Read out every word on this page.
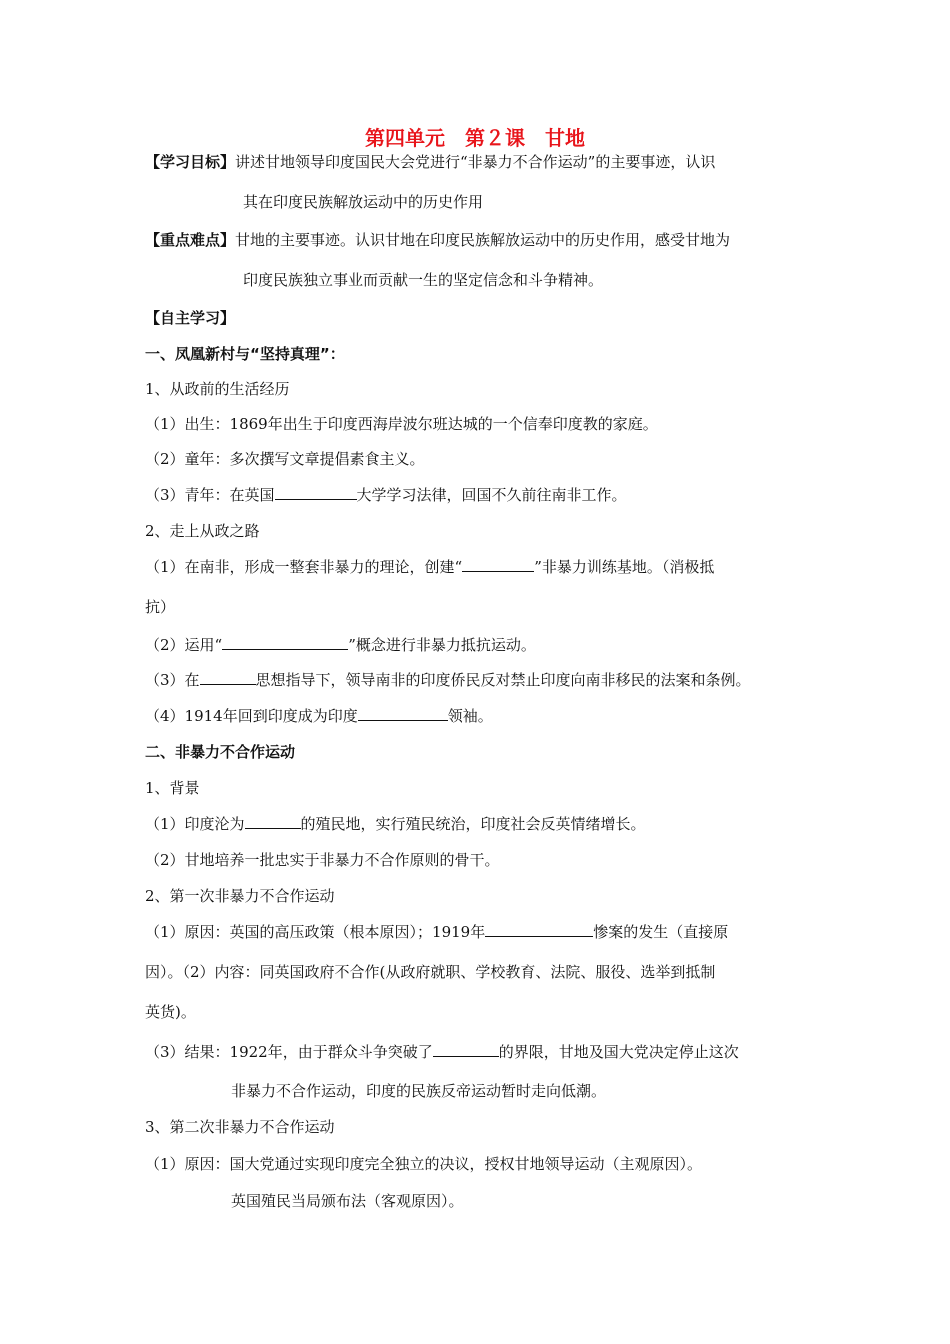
第四单元　第２课　甘地
【学习目标】讲述甘地领导印度国民大会党进行“非暴力不合作运动”的主要事迹，认识
其在印度民族解放运动中的历史作用
【重点难点】甘地的主要事迹。认识甘地在印度民族解放运动中的历史作用，感受甘地为
印度民族独立事业而贡献一生的坚定信念和斗争精神。
【自主学习】
一、凤凰新村与“坚持真理”：
1、从政前的生活经历
（1）出生：1869年出生于印度西海岸波尔班达城的一个信奉印度教的家庭。
（2）童年：多次撰写文章提倡素食主义。
（3）青年：在英国	大学学习法律，回国不久前往南非工作。
2、走上从政之路
（1）在南非，形成一整套非暴力的理论，创建“	”非暴力训练基地。（消极抵
抗）
（2）运用“	”概念进行非暴力抵抗运动。
（3）在	思想指导下，领导南非的印度侨民反对禁止印度向南非移民的法案和条例。
（4）1914年回到印度成为印度	领袖。
二、非暴力不合作运动
1、背景
（1）印度沦为	的殖民地，实行殖民统治，印度社会反英情绪增长。
（2）甘地培养一批忠实于非暴力不合作原则的骨干。
2、第一次非暴力不合作运动
（1）原因：英国的高压政策（根本原因）；1919年	惨案的发生（直接原
因）。（2）内容：同英国政府不合作(从政府就职、学校教育、法院、服役、选举到抵制
英货)。
（3）结果：1922年，由于群众斗争突破了	的界限，甘地及国大党决定停止这次
非暴力不合作运动，印度的民族反帝运动暂时走向低潮。
3、第二次非暴力不合作运动
（1）原因：国大党通过实现印度完全独立的决议，授权甘地领导运动（主观原因）。
英国殖民当局颁布法（客观原因）。
